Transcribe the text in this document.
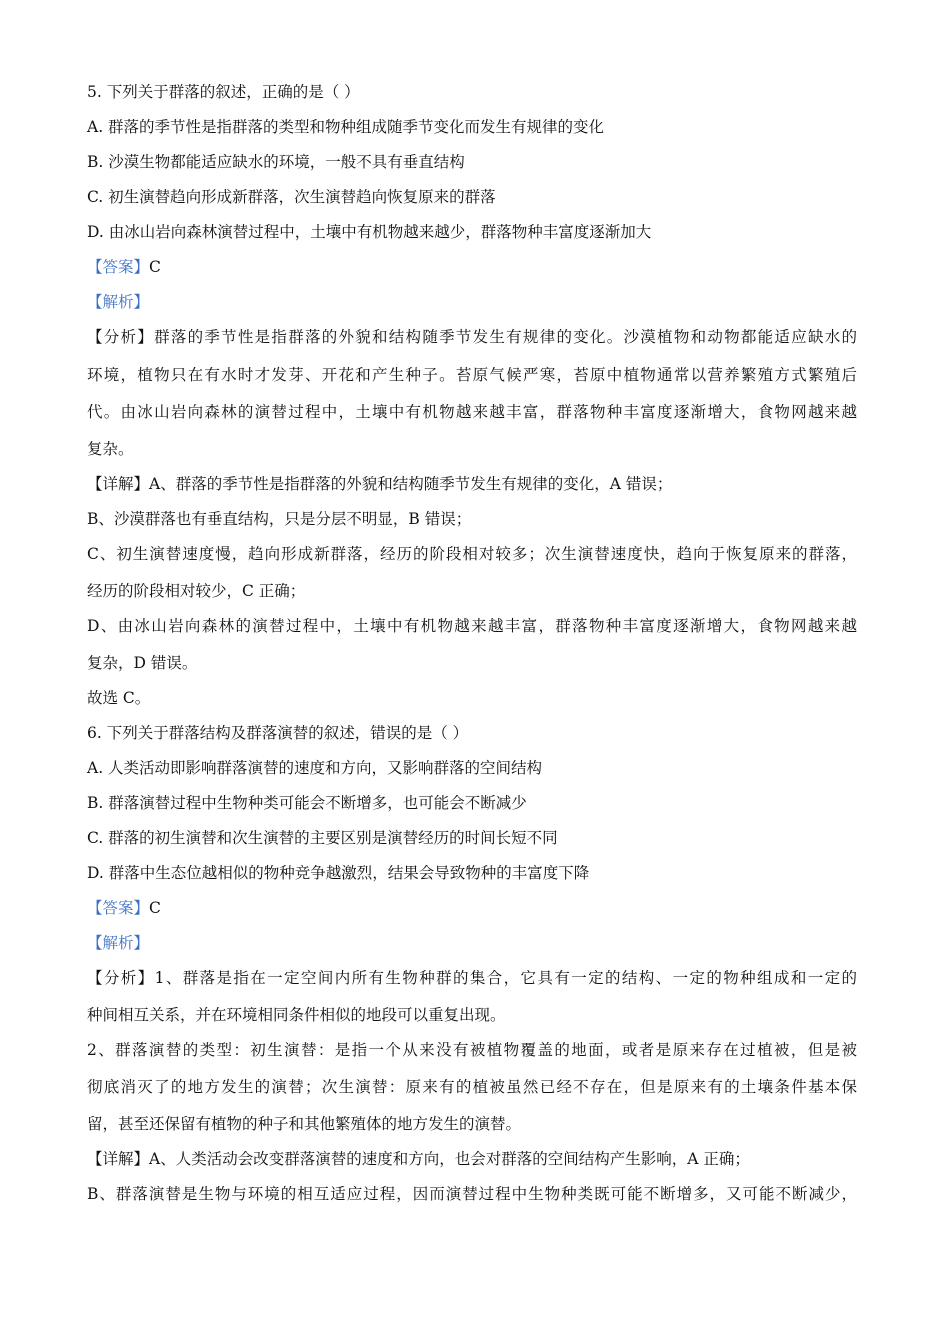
5. 下列关于群落的叙述，正确的是（ ）
A. 群落的季节性是指群落的类型和物种组成随季节变化而发生有规律的变化
B. 沙漠生物都能适应缺水的环境，一般不具有垂直结构
C. 初生演替趋向形成新群落，次生演替趋向恢复原来的群落
D. 由冰山岩向森林演替过程中，土壤中有机物越来越少，群落物种丰富度逐渐加大
【答案】C
【解析】
【分析】群落的季节性是指群落的外貌和结构随季节发生有规律的变化。沙漠植物和动物都能适应缺水的
环境，植物只在有水时才发芽、开花和产生种子。苔原气候严寒，苔原中植物通常以营养繁殖方式繁殖后
代。由冰山岩向森林的演替过程中，土壤中有机物越来越丰富，群落物种丰富度逐渐增大，食物网越来越
复杂。
【详解】A、群落的季节性是指群落的外貌和结构随季节发生有规律的变化，A 错误；
B、沙漠群落也有垂直结构，只是分层不明显，B 错误；
C、初生演替速度慢，趋向形成新群落，经历的阶段相对较多；次生演替速度快，趋向于恢复原来的群落，
经历的阶段相对较少，C 正确；
D、由冰山岩向森林的演替过程中，土壤中有机物越来越丰富，群落物种丰富度逐渐增大，食物网越来越
复杂，D 错误。
故选 C。
6. 下列关于群落结构及群落演替的叙述，错误的是（ ）
A. 人类活动即影响群落演替的速度和方向，又影响群落的空间结构
B. 群落演替过程中生物种类可能会不断增多，也可能会不断减少
C. 群落的初生演替和次生演替的主要区别是演替经历的时间长短不同
D. 群落中生态位越相似的物种竞争越激烈，结果会导致物种的丰富度下降
【答案】C
【解析】
【分析】1、群落是指在一定空间内所有生物种群的集合，它具有一定的结构、一定的物种组成和一定的
种间相互关系，并在环境相同条件相似的地段可以重复出现。
2、群落演替的类型：初生演替：是指一个从来没有被植物覆盖的地面，或者是原来存在过植被，但是被
彻底消灭了的地方发生的演替；次生演替：原来有的植被虽然已经不存在，但是原来有的土壤条件基本保
留，甚至还保留有植物的种子和其他繁殖体的地方发生的演替。
【详解】A、人类活动会改变群落演替的速度和方向，也会对群落的空间结构产生影响，A 正确；
B、群落演替是生物与环境的相互适应过程，因而演替过程中生物种类既可能不断增多，又可能不断减少，
